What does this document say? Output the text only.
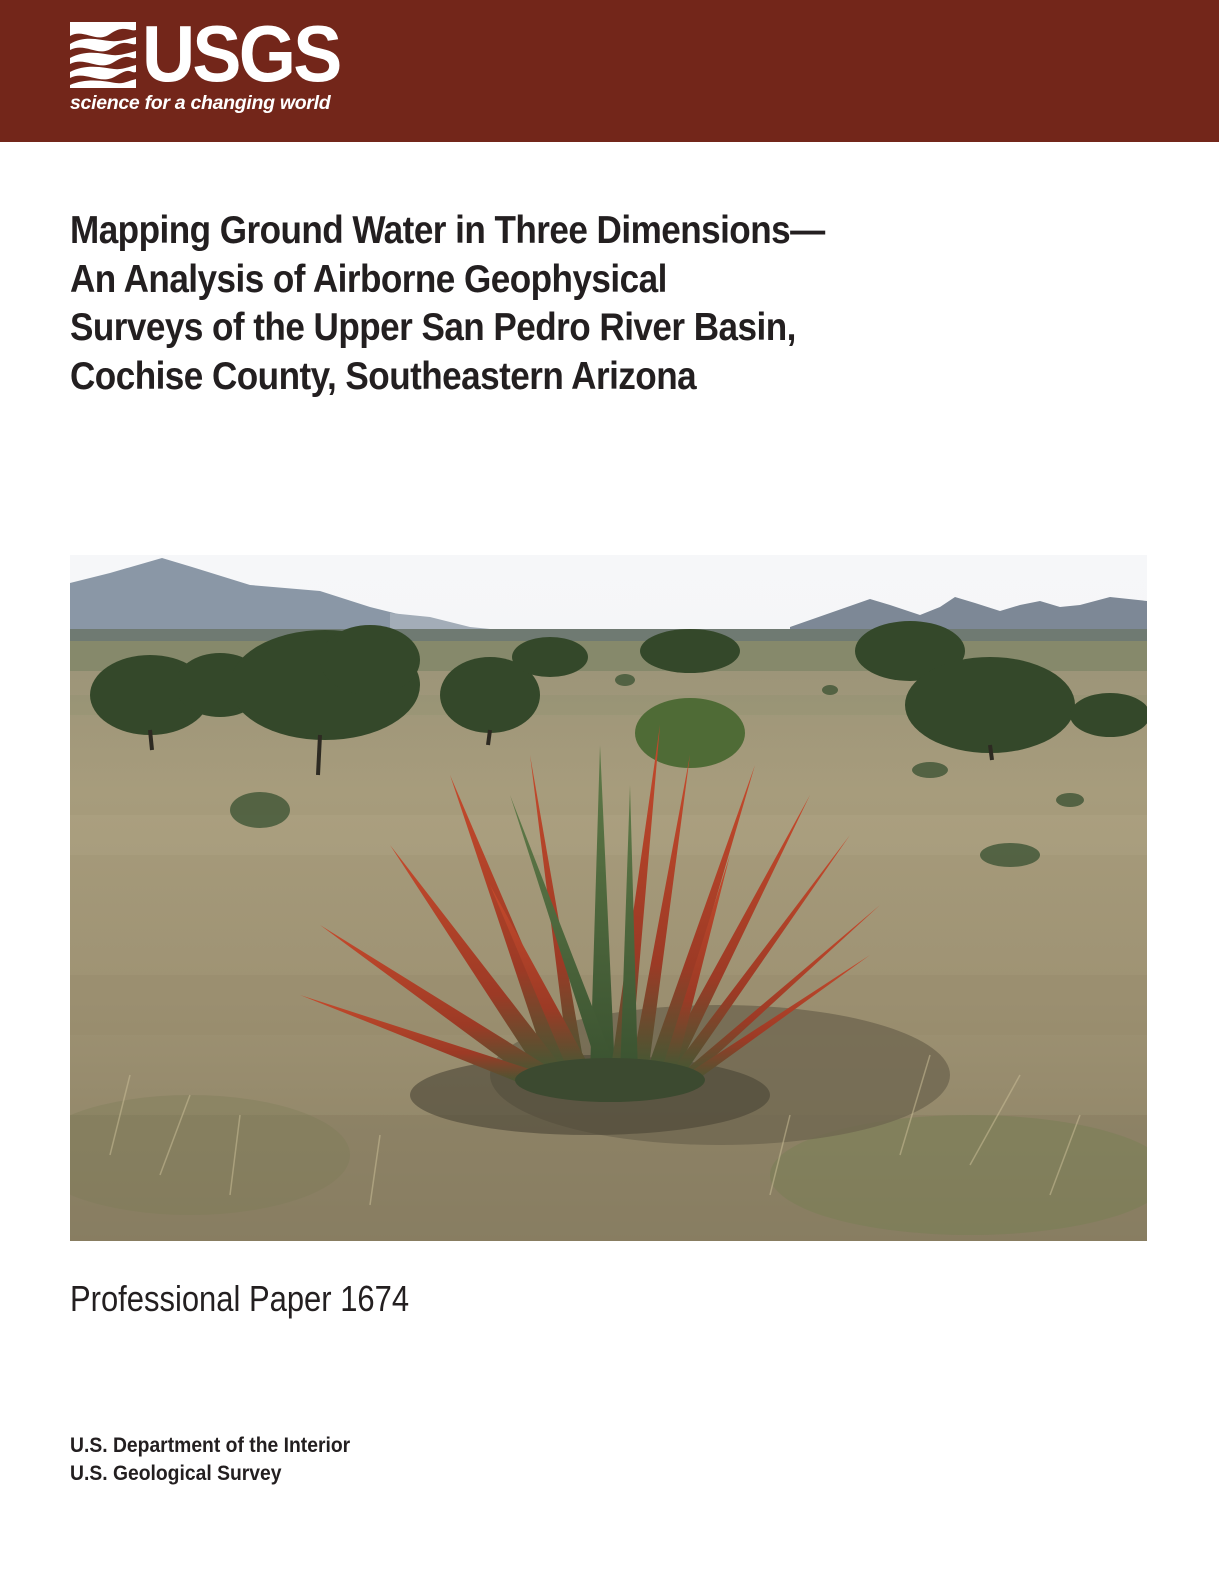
USGS
science for a changing world
Mapping Ground Water in Three Dimensions—
An Analysis of Airborne Geophysical
Surveys of the Upper San Pedro River Basin,
Cochise County, Southeastern Arizona
Professional Paper 1674
U.S. Department of the Interior
U.S. Geological Survey
